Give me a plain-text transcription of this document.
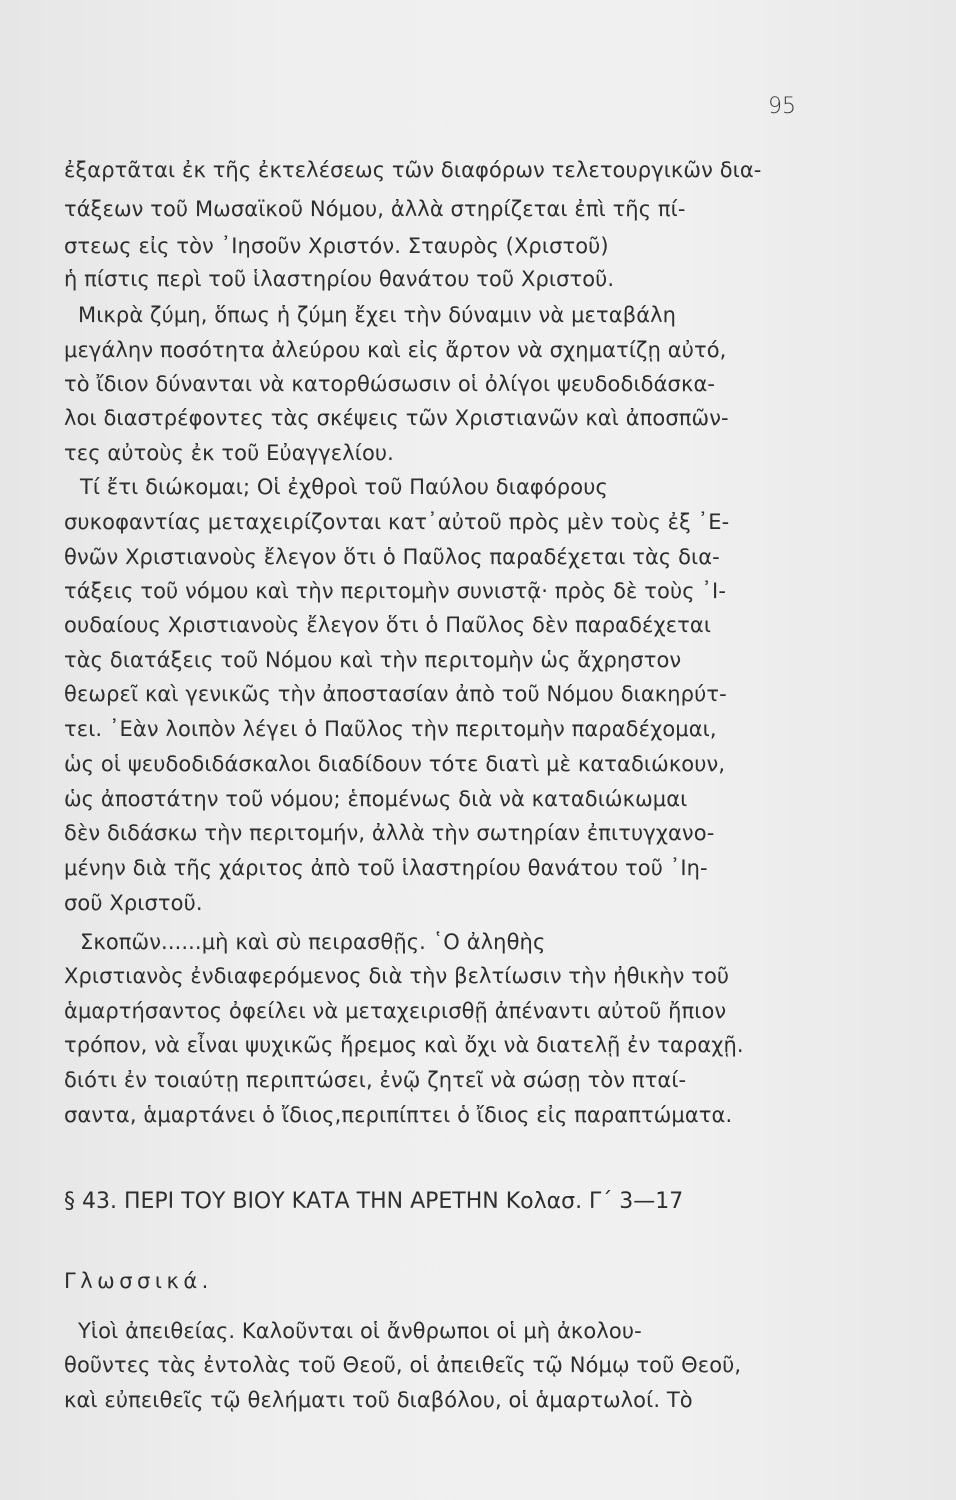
95
ἐξαρτᾶται ἐκ τῆς ἐκτελέσεως τῶν διαφόρων τελετουργικῶν δια-
τάξεων τοῦ Μωσαϊκοῦ Νόμου, ἀλλὰ στηρίζεται ἐπὶ τῆς πί-
στεως εἰς τὸν ᾿Ιησοῦν Χριστόν. Σταυρὸς (Χριστοῦ)
ἡ πίστις περὶ τοῦ ἱλαστηρίου θανάτου τοῦ Χριστοῦ.
Μικρὰ ζύμη, ὅπως ἡ ζύμη ἔχει τὴν δύναμιν νὰ μεταβάλη
μεγάλην ποσότητα ἀλεύρου καὶ εἰς ἄρτον νὰ σχηματίζῃ αὐτό,
τὸ ἴδιον δύνανται νὰ κατορθώσωσιν οἱ ὀλίγοι ψευδοδιδάσκα-
λοι διαστρέφοντες τὰς σκέψεις τῶν Χριστιανῶν καὶ ἀποσπῶν-
τες αὐτοὺς ἐκ τοῦ Εὐαγγελίου.
Τί ἔτι διώκομαι; Οἱ ἐχθροὶ τοῦ Παύλου διαφόρους
συκοφαντίας μεταχειρίζονται κατ᾿αὐτοῦ πρὸς μὲν τοὺς ἐξ ᾿Ε-
θνῶν Χριστιανοὺς ἔλεγον ὅτι ὁ Παῦλος παραδέχεται τὰς δια-
τάξεις τοῦ νόμου καὶ τὴν περιτομὴν συνιστᾷ· πρὸς δὲ τοὺς ᾿Ι-
ουδαίους Χριστιανοὺς ἔλεγον ὅτι ὁ Παῦλος δὲν παραδέχεται
τὰς διατάξεις τοῦ Νόμου καὶ τὴν περιτομὴν ὡς ἄχρηστον
θεωρεῖ καὶ γενικῶς τὴν ἀποστασίαν ἀπὸ τοῦ Νόμου διακηρύτ-
τει. ᾿Εὰν λοιπὸν λέγει ὁ Παῦλος τὴν περιτομὴν παραδέχομαι,
ὡς οἱ ψευδοδιδάσκαλοι διαδίδουν τότε διατὶ μὲ καταδιώκουν,
ὡς ἀποστάτην τοῦ νόμου; ἑπομένως διὰ νὰ καταδιώκωμαι
δὲν διδάσκω τὴν περιτομήν, ἀλλὰ τὴν σωτηρίαν ἐπιτυγχανο-
μένην διὰ τῆς χάριτος ἀπὸ τοῦ ἱλαστηρίου θανάτου τοῦ ᾿Ιη-
σοῦ Χριστοῦ.
Σκοπῶν......μὴ καὶ σὺ πειρασθῇς. ῾Ο ἀληθὴς
Χριστιανὸς ἐνδιαφερόμενος διὰ τὴν βελτίωσιν τὴν ἠθικὴν τοῦ
ἁμαρτήσαντος ὀφείλει νὰ μεταχειρισθῇ ἀπέναντι αὐτοῦ ἤπιον
τρόπον, νὰ εἶναι ψυχικῶς ἤρεμος καὶ ὄχι νὰ διατελῇ ἐν ταραχῇ.
διότι ἐν τοιαύτῃ περιπτώσει, ἐνῷ ζητεῖ νὰ σώσῃ τὸν πταί-
σαντα, ἁμαρτάνει ὁ ἴδιος,περιπίπτει ὁ ἴδιος εἰς παραπτώματα.
§ 43. ΠΕΡΙ ΤΟΥ ΒΙΟΥ ΚΑΤΑ ΤΗΝ ΑΡΕΤΗΝ Κολασ. Γ΄ 3—17
Γλωσσικά.
Υἱοὶ ἀπειθείας. Καλοῦνται οἱ ἄνθρωποι οἱ μὴ ἀκολου-
θοῦντες τὰς ἐντολὰς τοῦ Θεοῦ, οἱ ἀπειθεῖς τῷ Νόμῳ τοῦ Θεοῦ,
καὶ εὐπειθεῖς τῷ θελήματι τοῦ διαβόλου, οἱ ἁμαρτωλοί. Τὸ
